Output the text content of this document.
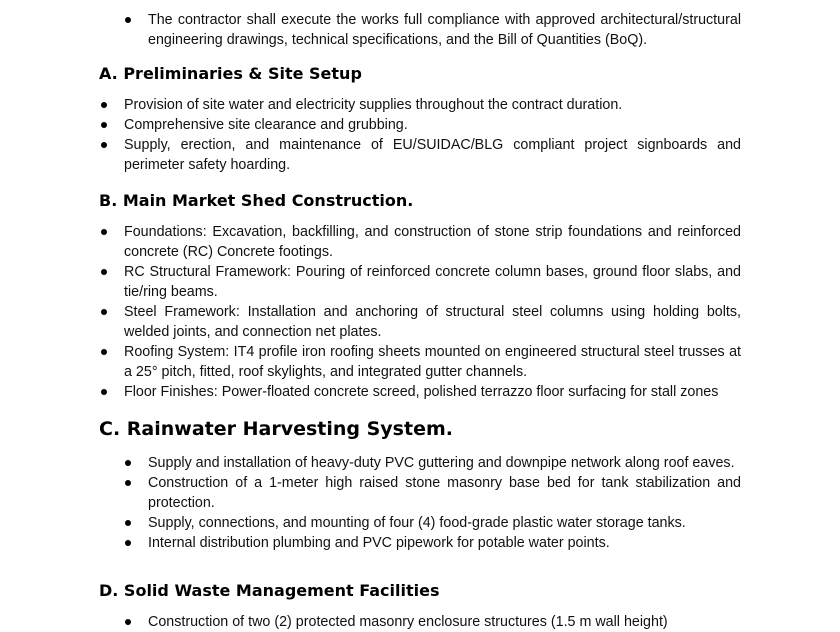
The contractor shall execute the works full compliance with approved architectural/structural engineering drawings, technical specifications, and the Bill of Quantities (BoQ).
A. Preliminaries & Site Setup
Provision of site water and electricity supplies throughout the contract duration.
Comprehensive site clearance and grubbing.
Supply, erection, and maintenance of EU/SUIDAC/BLG compliant project signboards and perimeter safety hoarding.
B. Main Market Shed Construction.
Foundations: Excavation, backfilling, and construction of stone strip foundations and reinforced concrete (RC) Concrete footings.
RC Structural Framework: Pouring of reinforced concrete column bases, ground floor slabs, and tie/ring beams.
Steel Framework: Installation and anchoring of structural steel columns using holding bolts, welded joints, and connection net plates.
Roofing System: IT4 profile iron roofing sheets mounted on engineered structural steel trusses at a 25° pitch, fitted, roof skylights, and integrated gutter channels.
Floor Finishes: Power-floated concrete screed, polished terrazzo floor surfacing for stall zones
C. Rainwater Harvesting System.
Supply and installation of heavy-duty PVC guttering and downpipe network along roof eaves.
Construction of a 1-meter high raised stone masonry base bed for tank stabilization and protection.
Supply, connections, and mounting of four (4) food-grade plastic water storage tanks.
Internal distribution plumbing and PVC pipework for potable water points.
D. Solid Waste Management Facilities
Construction of two (2) protected masonry enclosure structures (1.5 m wall height)
